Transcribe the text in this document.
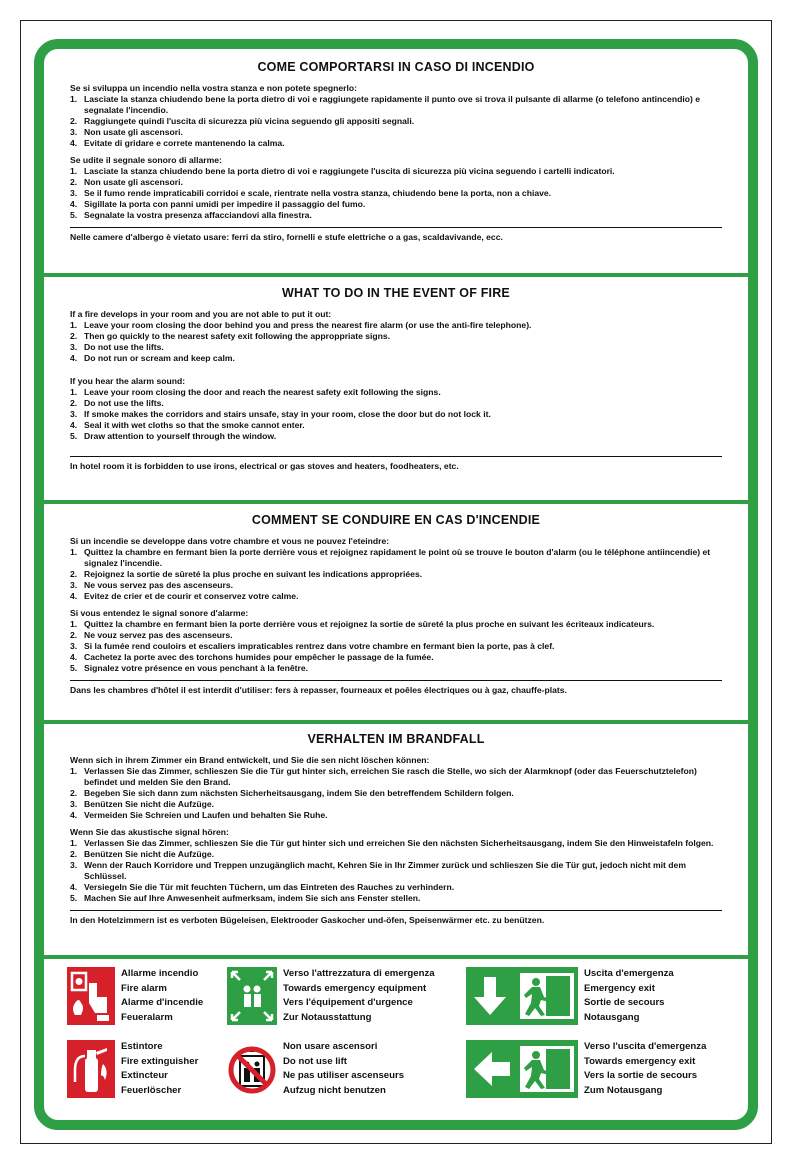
COME COMPORTARSI IN CASO DI INCENDIO

Se si sviluppa un incendio nella vostra stanza e non potete spegnerlo:

1. Lasciate la stanza chiudendo bene la porta dietro di voi e raggiungete rapidamente il punto ove si trova il pulsante di allarme (o telefono antincendio) e segnalate l'incendio.
2. Raggiungete quindi l'uscita di sicurezza più vicina seguendo gli appositi segnali.
3. Non usate gli ascensori.
4. Evitate di gridare e correte mantenendo la calma.

Se udite il segnale sonoro di allarme:

1. Lasciate la stanza chiudendo bene la porta dietro di voi e raggiungete l'uscita di sicurezza più vicina seguendo i cartelli indicatori.
2. Non usate gli ascensori.
3. Se il fumo rende impraticabili corridoi e scale, rientrate nella vostra stanza, chiudendo bene la porta, non a chiave.
4. Sigillate la porta con panni umidi per impedire il passaggio del fumo.
5. Segnalate la vostra presenza affacciandovi alla finestra.
Nelle camere d'albergo è vietato usare: ferri da stiro, fornelli e stufe elettriche o a gas, scaldavivande, ecc.
WHAT TO DO IN THE EVENT OF FIRE

If a fire develops in your room and you are not able to put it out:

1. Leave your room closing the door behind you and press the nearest fire alarm (or use the anti-fire telephone).
2. Then go quickly to the nearest safety exit following the approppriate signs.
3. Do not use the lifts.
4. Do not run or scream and keep calm.

If you hear the alarm sound:

1. Leave your room closing the door and reach the nearest safety exit following the signs.
2. Do not use the lifts.
3. If smoke makes the corridors and stairs unsafe, stay in your room, close the door but do not lock it.
4. Seal it with wet cloths so that the smoke cannot enter.
5. Draw attention to yourself through the window.
In hotel room it is forbidden to use irons, electrical or gas stoves and heaters, foodheaters, etc.
COMMENT SE CONDUIRE EN CAS D'INCENDIE

Si un incendie se developpe dans votre chambre et vous ne pouvez l'eteindre:

1. Quittez la chambre en fermant bien la porte derrière vous et rejoignez rapidament le point où se trouve le bouton d'alarm (ou le téléphone antiincendie) et signalez l'incendie.
2. Rejoignez la sortie de sûreté la plus proche en suivant les indications appropriées.
3. Ne vous servez pas des ascenseurs.
4. Evitez de crier et de courir et conservez votre calme.

Si vous entendez le signal sonore d'alarme:

1. Quittez la chambre en fermant bien la porte derrière vous et rejoignez la sortie de sûreté la plus proche en suivant les écriteaux indicateurs.
2. Ne vouz servez pas des ascenseurs.
3. Si la fumée rend couloirs et escaliers impraticables rentrez dans votre chambre en fermant bien la porte, pas à clef.
4. Cachetez la porte avec des torchons humides pour empêcher le passage de la fumée.
5. Signalez votre présence en vous penchant à la fenêtre.
Dans les chambres d'hôtel il est interdit d'utiliser: fers à repasser, fourneaux et poêles électriques ou à gaz, chauffe-plats.
VERHALTEN IM BRANDFALL

Wenn sich in ihrem Zimmer ein Brand entwickelt, und Sie die sen nicht löschen können:

1. Verlassen Sie das Zimmer, schlieszen Sie die Tür gut hinter sich, erreichen Sie rasch die Stelle, wo sich der Alarmknopf (oder das Feuerschutztelefon) befindet und melden Sie den Brand.
2. Begeben Sie sich dann zum nächsten Sicherheitsausgang, indem Sie den betreffendem Schildern folgen.
3. Benützen Sie nicht die Aufzüge.
4. Vermeiden Sie Schreien und Laufen und behalten Sie Ruhe.

Wenn Sie das akustische signal hören:

1. Verlassen Sie das Zimmer, schlieszen Sie die Tür gut hinter sich und erreichen Sie den nächsten Sicherheitsausgang, indem Sie den Hinweistafeln folgen.
2. Benützen Sie nicht die Aufzüge.
3. Wenn der Rauch Korridore und Treppen unzugänglich macht, Kehren Sie in Ihr Zimmer zurück und schlieszen Sie die Tür gut, jedoch nicht mit dem Schlüssel.
4. Versiegeln Sie die Tür mit feuchten Tüchern, um das Eintreten des Rauches zu verhindern.
5. Machen Sie auf Ihre Anwesenheit aufmerksam, indem Sie sich ans Fenster stellen.
In den Hotelzimmern ist es verboten Bügeleisen, Elektrooder Gaskocher und-öfen, Speisenwärmer etc. zu benützen.
Allarme incendio
Fire alarm
Alarme d'incendie
Feueralarm
Verso l'attrezzatura di emergenza
Towards emergency equipment
Vers l'équipement d'urgence
Zur Notausstattung
Uscita d'emergenza
Emergency exit
Sortie de secours
Notausgang
Estintore
Fire extinguisher
Extincteur
Feuerlöscher
Non usare ascensori
Do not use lift
Ne pas utiliser ascenseurs
Aufzug nicht benutzen
Verso l'uscita d'emergenza
Towards emergency exit
Vers la sortie de secours
Zum Notausgang
